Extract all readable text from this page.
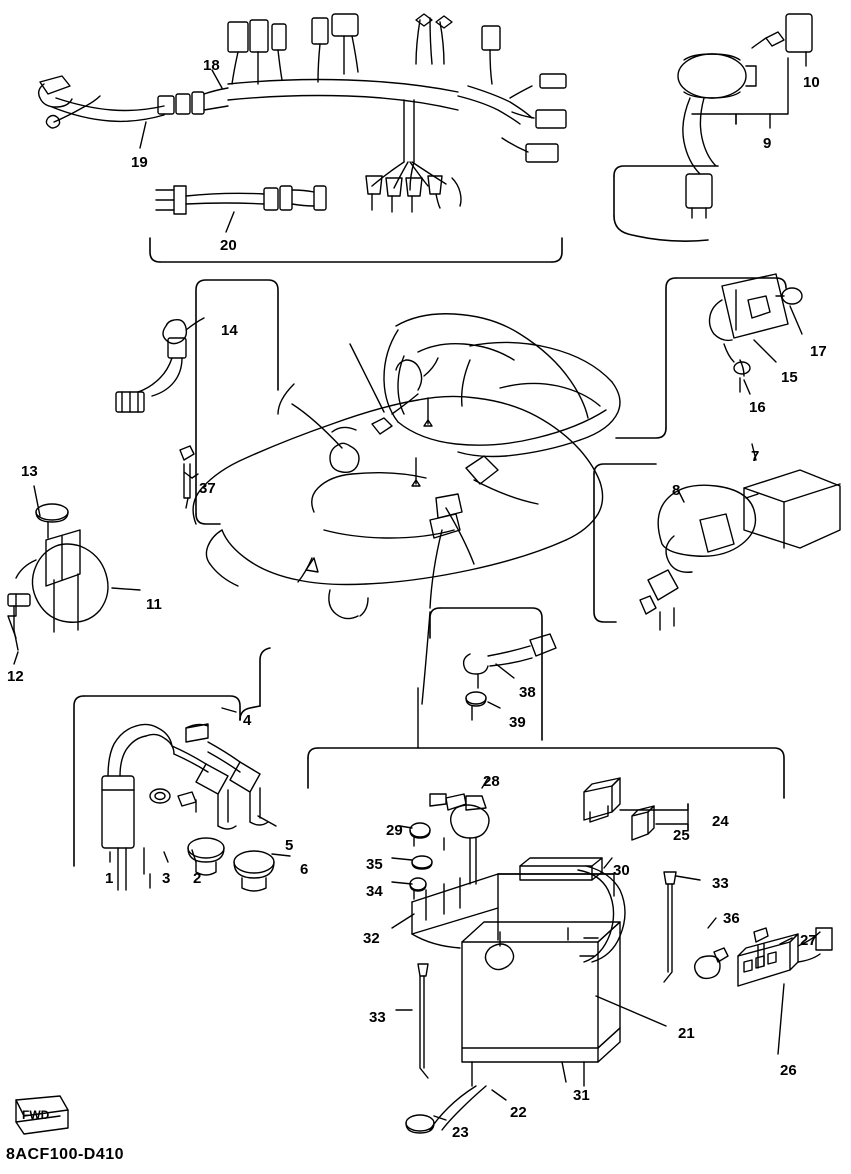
FWD
8ACF100-D410
18
10
9
19
20
14
17
15
16
13
37
7
8
11
12
38
39
4
5
6
3 2
1
28
24
25
29
35
34
30
33
36
27
32
33
21
26
31
22
23
